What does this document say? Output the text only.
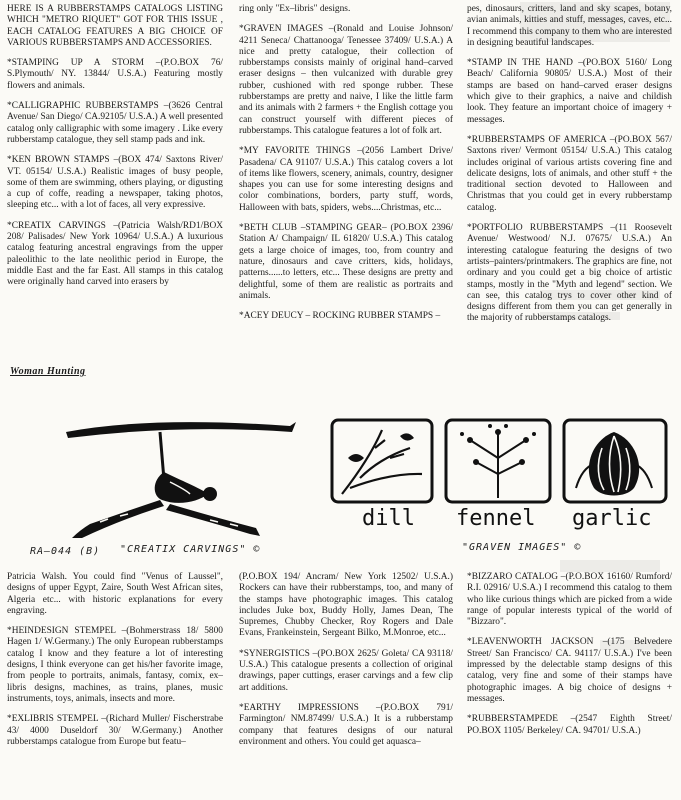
HERE IS A RUBBERSTAMPS CATALOGS LISTING WHICH "METRO RIQUET" GOT FOR THIS ISSUE , EACH CATALOG FEATURES A BIG CHOICE OF VARIOUS RUBBERSTAMPS AND ACCESSORIES.

*STAMPING UP A STORM –(P.O.BOX 76/ S.Plymouth/ NY. 13844/ U.S.A.) Featuring mostly flowers and animals.

*CALLIGRAPHIC RUBBERSTAMPS –(3626 Central Avenue/ San Diego/ CA.92105/ U.S.A.) A well presented catalog only calligraphic with some imagery . Like every rubberstamp catalogue, they sell stamp pads and ink.

*KEN BROWN STAMPS –(BOX 474/ Saxtons River/ VT. 05154/ U.S.A.) Realistic images of busy people, some of them are swimming, others playing, or digusting a cup of coffe, reading a newspaper, taking photos, sleeping etc... with a lot of faces, all very expressive.

*CREATIX CARVINGS –(Patricia Walsh/RD1/BOX 208/ Palisades/ New York 10964/ U.S.A.) A luxurious catalog featuring ancestral engravings from the upper paleolithic to the late neolithic period in Europe, the middle East and the far East. All stamps in this catalog were originally hand carved into erasers by

ring only "Ex–libris" designs.

*GRAVEN IMAGES –(Ronald and Louise Johnson/ 4211 Seneca/ Chattanooga/ Tenessee 37409/ U.S.A.) A nice and pretty catalogue, their collection of rubberstamps consists mainly of original hand–carved eraser designs – then vulcanized with durable grey rubber, cushioned with red sponge rubber. These rubberstamps are pretty and naive, I like the little farm and its animals with 2 farmers + the English cottage you can construct yourself with different pieces of rubberstamps. This catalogue features a lot of folk art.

*MY FAVORITE THINGS –(2056 Lambert Drive/ Pasadena/ CA 91107/ U.S.A.) This catalog covers a lot of items like flowers, scenery, animals, country, designer shapes you can use for some interesting designs and color combinations, borders, party stuff, words, Halloween with bats, spiders, webs....Christmas, etc...

*BETH CLUB –STAMPING GEAR– (PO.BOX 2396/ Station A/ Champaign/ IL 61820/ U.S.A.) This catalog gets a large choice of images, too, from country and nature, dinosaurs and cave critters, kids, holidays, patterns......to letters, etc... These designs are pretty and delightful, some of them are realistic as portraits and animals.

*ACEY DEUCY – ROCKING RUBBER STAMPS –

pes, dinosaurs, critters, land and sky scapes, botany, avian animals, kitties and stuff, messages, caves, etc... I recommend this company to them who are interested in designing beautiful landscapes.

*STAMP IN THE HAND –(PO.BOX 5160/ Long Beach/ California 90805/ U.S.A.) Most of their stamps are based on hand–carved eraser designs which give to their graphics, a naive and childish look. They feature an important choice of imagery + messages.

*RUBBERSTAMPS OF AMERICA –(PO.BOX 567/ Saxtons river/ Vermont 05154/ U.S.A.) This catalog includes original of various artists covering fine and delicate designs, lots of animals, and other stuff + the traditional section devoted to Halloween and Christmas that you could get in every rubberstamp catalog.

*PORTFOLIO RUBBERSTAMPS –(11 Roosevelt Avenue/ Westwood/ N.J. 07675/ U.S.A.) An interesting catalogue featuring the designs of two artists–painters/printmakers. The graphics are fine, not ordinary and you could get a big choice of artistic stamps, mostly in the "Myth and legend" section. We can see, this catalog trys to cover other kind of designs different from them you can get generally in the majority of rubberstamps catalogs.

Woman Hunting
RA–044 (B) "CREATIX CARVINGS" ©
dill fennel garlic
"GRAVEN IMAGES" ©

Patricia Walsh. You could find "Venus of Laussel", designs of upper Egypt, Zaire, South West African sites, Algeria etc... with historic explanations for every engraving.

*HEINDESIGN STEMPEL –(Bohmerstrass 18/ 5800 Hagen 1/ W.Germany.) The only European rubberstamps catalog I know and they feature a lot of interesting designs, I think everyone can get his/her favorite image, from people to portraits, animals, fantasy, comix, ex–libris designs, machines, as trains, planes, music instruments, toys, animals, insects and more.

*EXLIBRIS STEMPEL –(Richard Muller/ Fischerstrabe 43/ 4000 Duseldorf 30/ W.Germany.) Another rubberstamps catalogue from Europe but featu–

(P.O.BOX 194/ Ancram/ New York 12502/ U.S.A.) Rockers can have their rubberstamps, too, and many of the stamps have photographic images. This catalog includes Juke box, Buddy Holly, James Dean, The Supremes, Chubby Checker, Roy Rogers and Dale Evans, Frankeinstein, Sergeant Bilko, M.Monroe, etc...

*SYNERGISTICS –(PO.BOX 2625/ Goleta/ CA 93118/ U.S.A.) This catalogue presents a collection of original drawings, paper cuttings, eraser carvings and a few clip art additions.

*EARTHY IMPRESSIONS –(P.O.BOX 791/ Farmington/ NM.87499/ U.S.A.) It is a rubberstamp company that features designs of our natural environment and others. You could get aquasca–

*BIZZARO CATALOG –(P.O.BOX 16160/ Rumford/ R.I. 02916/ U.S.A.) I recommend this catalog to them who like curious things which are picked from a wide range of popular interests typical of the world of "Bizzaro".

*LEAVENWORTH JACKSON –(175 Belvedere Street/ San Francisco/ CA. 94117/ U.S.A.) I've been impressed by the delectable stamp designs of this catalog, very fine and some of their stamps have photographic images. A big choice of designs + messages.

*RUBBERSTAMPEDE –(2547 Eighth Street/ PO.BOX 1105/ Berkeley/ CA. 94701/ U.S.A.)
